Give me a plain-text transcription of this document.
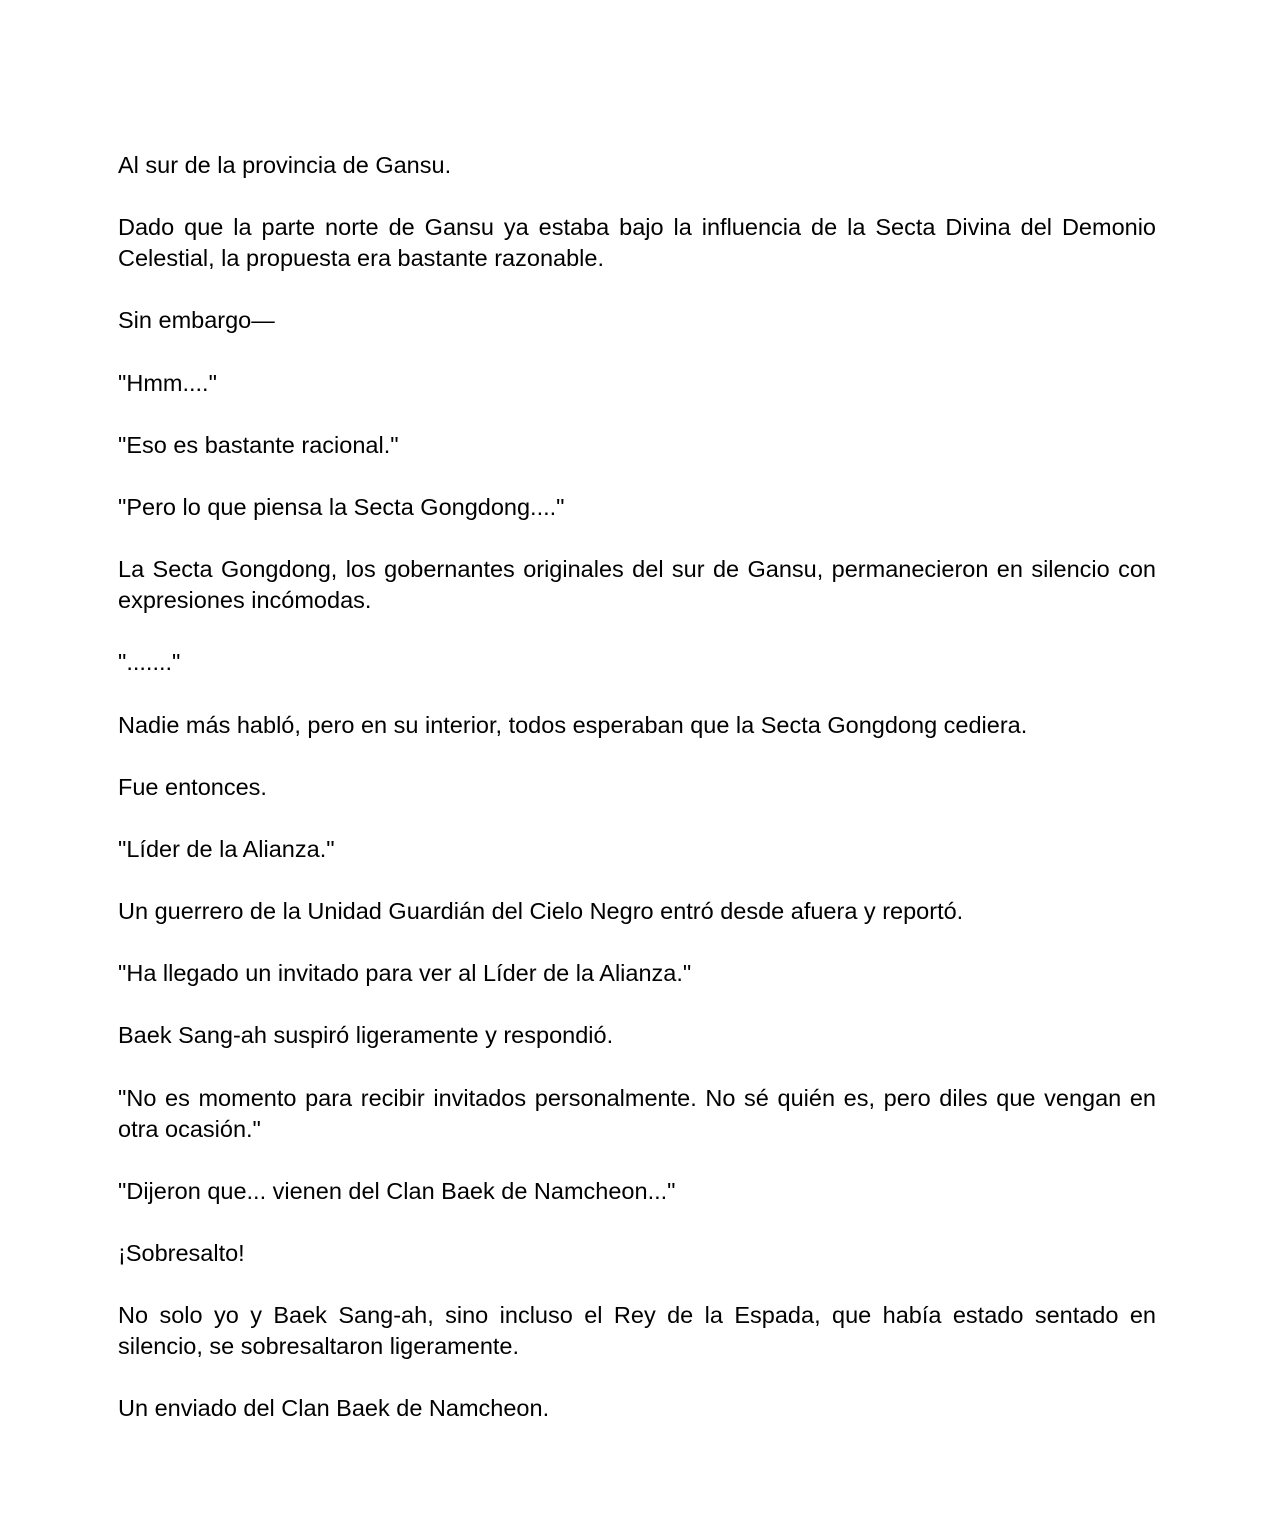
Al sur de la provincia de Gansu.

Dado que la parte norte de Gansu ya estaba bajo la influencia de la Secta Divina del Demonio Celestial, la propuesta era bastante razonable.

Sin embargo—

"Hmm...."

"Eso es bastante racional."

"Pero lo que piensa la Secta Gongdong...."

La Secta Gongdong, los gobernantes originales del sur de Gansu, permanecieron en silencio con expresiones incómodas.

"......."

Nadie más habló, pero en su interior, todos esperaban que la Secta Gongdong cediera.

Fue entonces.

"Líder de la Alianza."

Un guerrero de la Unidad Guardián del Cielo Negro entró desde afuera y reportó.

"Ha llegado un invitado para ver al Líder de la Alianza."

Baek Sang-ah suspiró ligeramente y respondió.

"No es momento para recibir invitados personalmente. No sé quién es, pero diles que vengan en otra ocasión."

"Dijeron que... vienen del Clan Baek de Namcheon..."

¡Sobresalto!

No solo yo y Baek Sang-ah, sino incluso el Rey de la Espada, que había estado sentado en silencio, se sobresaltaron ligeramente.

Un enviado del Clan Baek de Namcheon.
